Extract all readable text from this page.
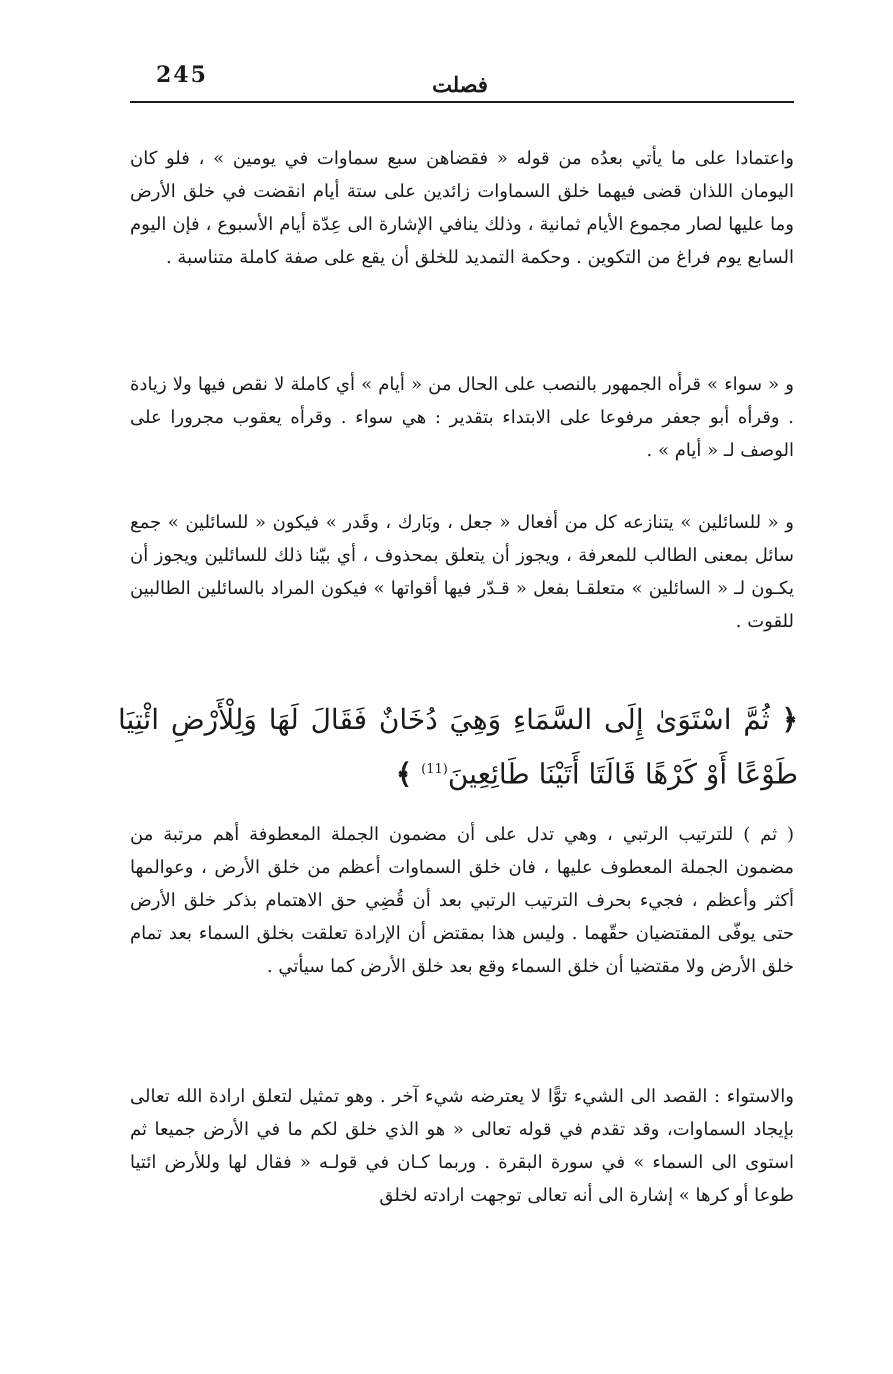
245	فصلت

واعتمادا على ما يأتي بعدُه من قوله « فقضاهن سبع سماوات في يومين » ، فلو كان اليومان اللذان قضى فيهما خلق السماوات زائدين على ستة أيام انقضت في خلق الأرض وما عليها لصار مجموع الأيام ثمانية ، وذلك ينافي الإشارة الى عِدّة أيام الأسبوع ، فإن اليوم السابع يوم فراغ من التكوين . وحكمة التمديد للخلق أن يقع على صفة كاملة متناسبة .

و « سواء » قرأه الجمهور بالنصب على الحال من « أيام » أي كاملة لا نقص فيها ولا زيادة . وقرأه أبو جعفر مرفوعا على الابتداء بتقدير : هي سواء . وقرأه يعقوب مجرورا على الوصف لـ « أيام » .

و « للسائلين » يتنازعه كل من أفعال « جعل ، وبَارك ، وقَدر » فيكون « للسائلين » جمع سائل بمعنى الطالب للمعرفة ، ويجوز أن يتعلق بمحذوف ، أي بيّنا ذلك للسائلين ويجوز أن يكـون لـ « السائلين » متعلقـا بفعل « قـدّر فيها أقواتها » فيكون المراد بالسائلين الطالبين للقوت .

﴿ ثُمَّ اسْتَوَىٰ إِلَى السَّمَاءِ وَهِيَ دُخَانٌ فَقَالَ لَهَا وَلِلْأَرْضِ ائْتِيَا طَوْعًا أَوْ كَرْهًا قَالَتَا أَتَيْنَا طَائِعِينَ$^{(11)}$ ﴾

( ثم ) للترتيب الرتبي ، وهي تدل على أن مضمون الجملة المعطوفة أهم مرتبة من مضمون الجملة المعطوف عليها ، فان خلق السماوات أعظم من خلق الأرض ، وعوالمها أكثر وأعظم ، فجيء بحرف الترتيب الرتبي بعد أن قُضِي حق الاهتمام بذكر خلق الأرض حتى يوفّى المقتضيان حقّهما . وليس هذا بمقتض أن الإرادة تعلقت بخلق السماء بعد تمام خلق الأرض ولا مقتضيا أن خلق السماء وقع بعد خلق الأرض كما سيأتي .

والاستواء : القصد الى الشيء توًّا لا يعترضه شيء آخر . وهو تمثيل لتعلق ارادة الله تعالى بإيجاد السماوات، وقد تقدم في قوله تعالى « هو الذي خلق لكم ما في الأرض جميعا ثم استوى الى السماء » في سورة البقرة . وربما كـان في قولـه « فقال لها وللأرض ائتيا طوعا أو كرها » إشارة الى أنه تعالى توجهت ارادته لخلق
